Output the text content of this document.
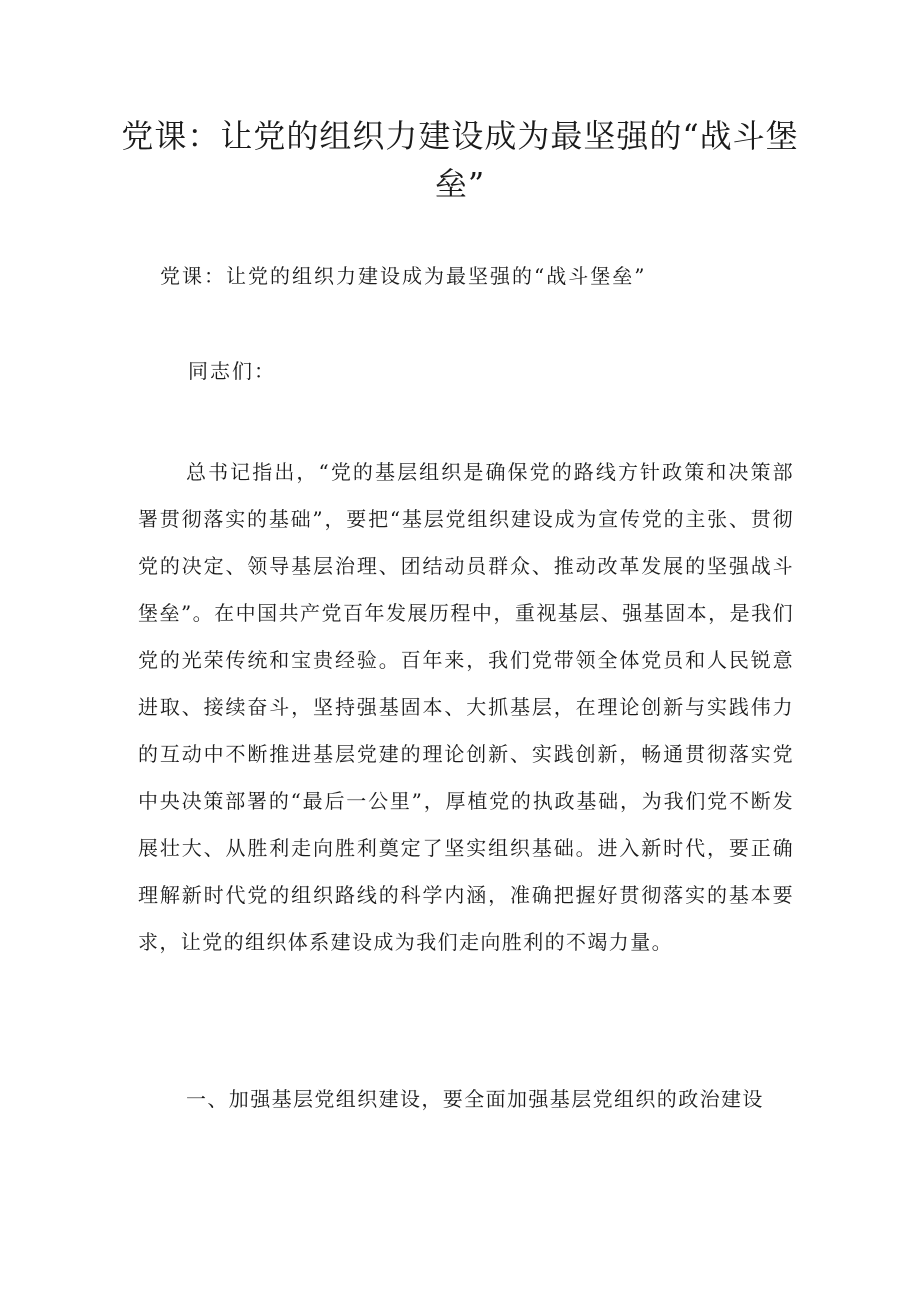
党课：让党的组织力建设成为最坚强的“战斗堡垒”

党课：让党的组织力建设成为最坚强的“战斗堡垒”

同志们：

总书记指出，“党的基层组织是确保党的路线方针政策和决策部署贯彻落实的基础”，要把“基层党组织建设成为宣传党的主张、贯彻党的决定、领导基层治理、团结动员群众、推动改革发展的坚强战斗堡垒”。在中国共产党百年发展历程中，重视基层、强基固本，是我们党的光荣传统和宝贵经验。百年来，我们党带领全体党员和人民锐意进取、接续奋斗，坚持强基固本、大抓基层，在理论创新与实践伟力的互动中不断推进基层党建的理论创新、实践创新，畅通贯彻落实党中央决策部署的“最后一公里”，厚植党的执政基础，为我们党不断发展壮大、从胜利走向胜利奠定了坚实组织基础。进入新时代，要正确理解新时代党的组织路线的科学内涵，准确把握好贯彻落实的基本要求，让党的组织体系建设成为我们走向胜利的不竭力量。

一、加强基层党组织建设，要全面加强基层党组织的政治建设
